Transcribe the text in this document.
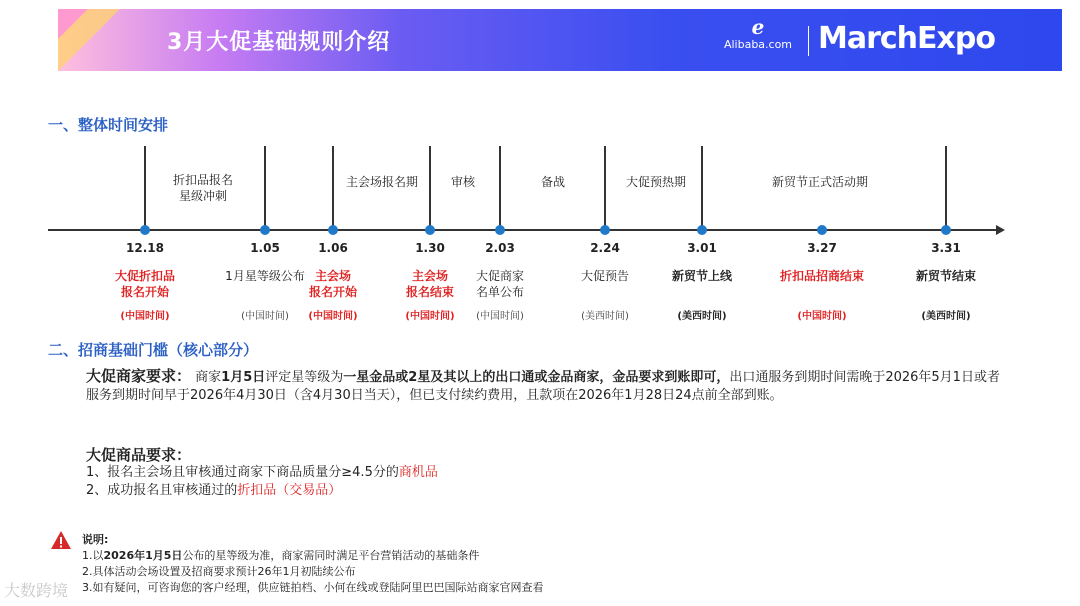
3月大促基础规则介绍
ℯ
Alibaba.com MarchExpo
一、整体时间安排
折扣品报名
星级冲刺
主会场报名期	审核	备战	大促预热期	新贸节正式活动期
12.18
大促折扣品
报名开始
(中国时间)
1.05
1月星等级公布
(中国时间)
1.06
主会场
报名开始
(中国时间)
1.30
主会场
报名结束
(中国时间)
2.03
大促商家
名单公布
(中国时间)
2.24
大促预告
(美西时间)
3.01
新贸节上线
(美西时间)
3.27
折扣品招商结束
(中国时间)
3.31
新贸节结束
(美西时间)
二、招商基础门槛（核心部分）
大促商家要求： 商家1月5日评定星等级为一星金品或2星及其以上的出口通或金品商家，金品要求到账即可，出口通服务到期时间需晚于2026年5月1日或者服务到期时间早于2026年4月30日（含4月30日当天），但已支付续约费用，且款项在2026年1月28日24点前全部到账。
大促商品要求：
1、报名主会场且审核通过商家下商品质量分≥4.5分的商机品
2、成功报名且审核通过的折扣品（交易品）
说明:
1.以2026年1月5日公布的星等级为准，商家需同时满足平台营销活动的基础条件
2.具体活动会场设置及招商要求预计26年1月初陆续公布
3.如有疑问，可咨询您的客户经理，供应链拍档、小何在线或登陆阿里巴巴国际站商家官网查看
大数跨境
